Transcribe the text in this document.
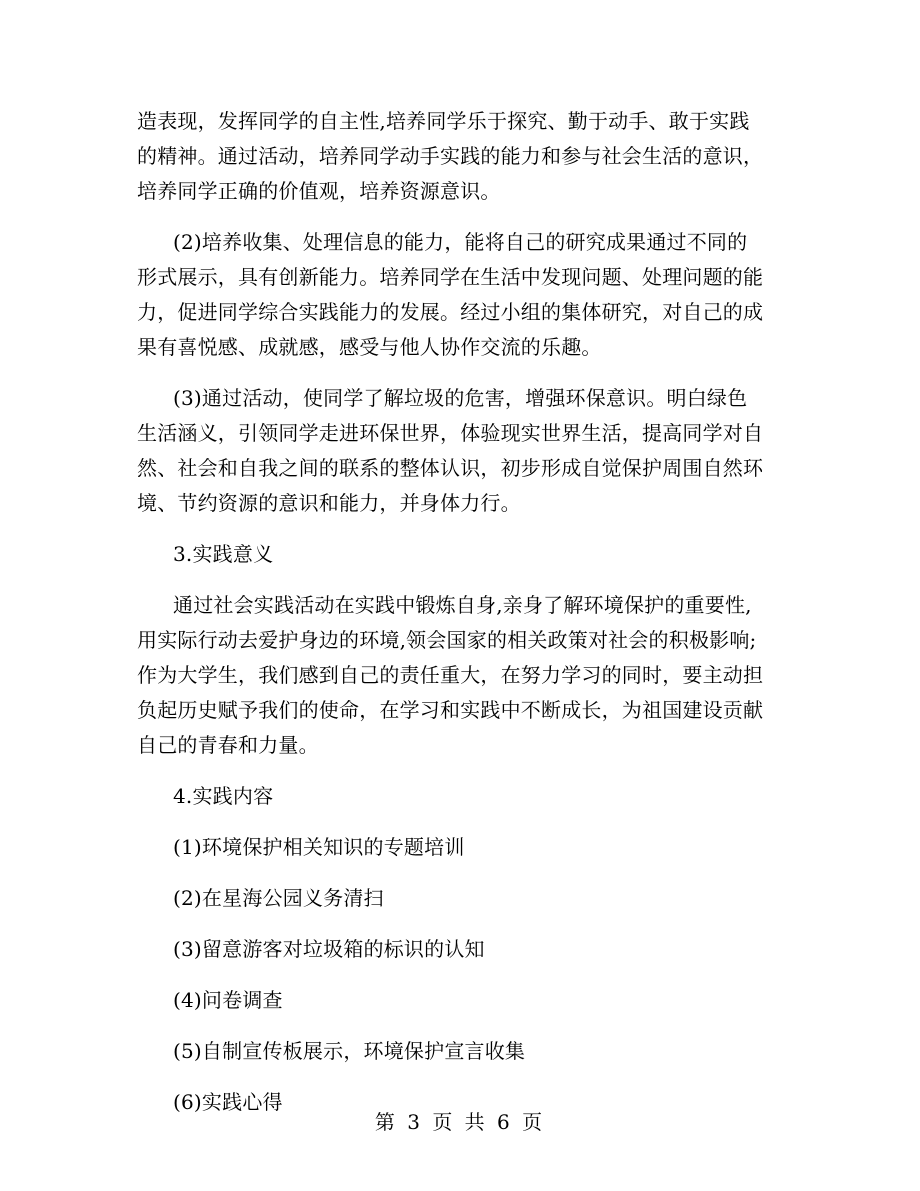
造表现，发挥同学的自主性,培养同学乐于探究、勤于动手、敢于实践
的精神。通过活动，培养同学动手实践的能力和参与社会生活的意识，
培养同学正确的价值观，培养资源意识。
(2)培养收集、处理信息的能力，能将自己的研究成果通过不同的
形式展示，具有创新能力。培养同学在生活中发现问题、处理问题的能
力，促进同学综合实践能力的发展。经过小组的集体研究，对自己的成
果有喜悦感、成就感，感受与他人协作交流的乐趣。
(3)通过活动，使同学了解垃圾的危害，增强环保意识。明白绿色
生活涵义，引领同学走进环保世界，体验现实世界生活，提高同学对自
然、社会和自我之间的联系的整体认识，初步形成自觉保护周围自然环
境、节约资源的意识和能力，并身体力行。
3.实践意义
通过社会实践活动在实践中锻炼自身,亲身了解环境保护的重要性,
用实际行动去爱护身边的环境,领会国家的相关政策对社会的积极影响;
作为大学生，我们感到自己的责任重大，在努力学习的同时，要主动担
负起历史赋予我们的使命，在学习和实践中不断成长，为祖国建设贡献
自己的青春和力量。
4.实践内容
(1)环境保护相关知识的专题培训
(2)在星海公园义务清扫
(3)留意游客对垃圾箱的标识的认知
(4)问卷调查
(5)自制宣传板展示，环境保护宣言收集
(6)实践心得
第 3 页 共 6 页
